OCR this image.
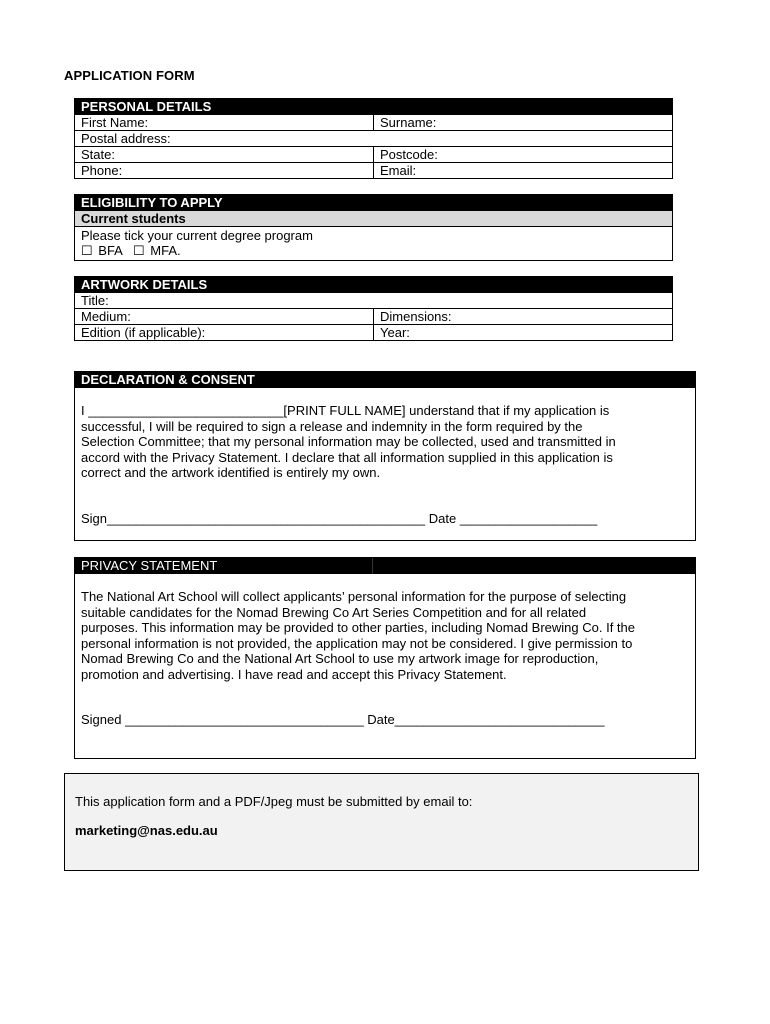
APPLICATION FORM
PERSONAL DETAILS	
First Name:	Surname:
Postal address:	
State:	Postcode:
Phone:	Email:
ELIGIBILITY TO APPLY
Current students

Please tick your current degree program
☐ BFA ☐ MFA.
ARTWORK DETAILS	
Title:	
Medium:	Dimensions:
Edition (if applicable):	Year:
DECLARATION & CONSENT
I ___________________________[PRINT FULL NAME] understand that if my application is
successful, I will be required to sign a release and indemnity in the form required by the
Selection Committee; that my personal information may be collected, used and transmitted in
accord with the Privacy Statement. I declare that all information supplied in this application is
correct and the artwork identified is entirely my own.
Sign____________________________________________ Date ___________________
PRIVACY STATEMENT
The National Art School will collect applicants’ personal information for the purpose of selecting
suitable candidates for the Nomad Brewing Co Art Series Competition and for all related
purposes. This information may be provided to other parties, including Nomad Brewing Co. If the
personal information is not provided, the application may not be considered. I give permission to
Nomad Brewing Co and the National Art School to use my artwork image for reproduction,
promotion and advertising. I have read and accept this Privacy Statement.
Signed _________________________________ Date_____________________________
This application form and a PDF/Jpeg must be submitted by email to:
marketing@nas.edu.au
